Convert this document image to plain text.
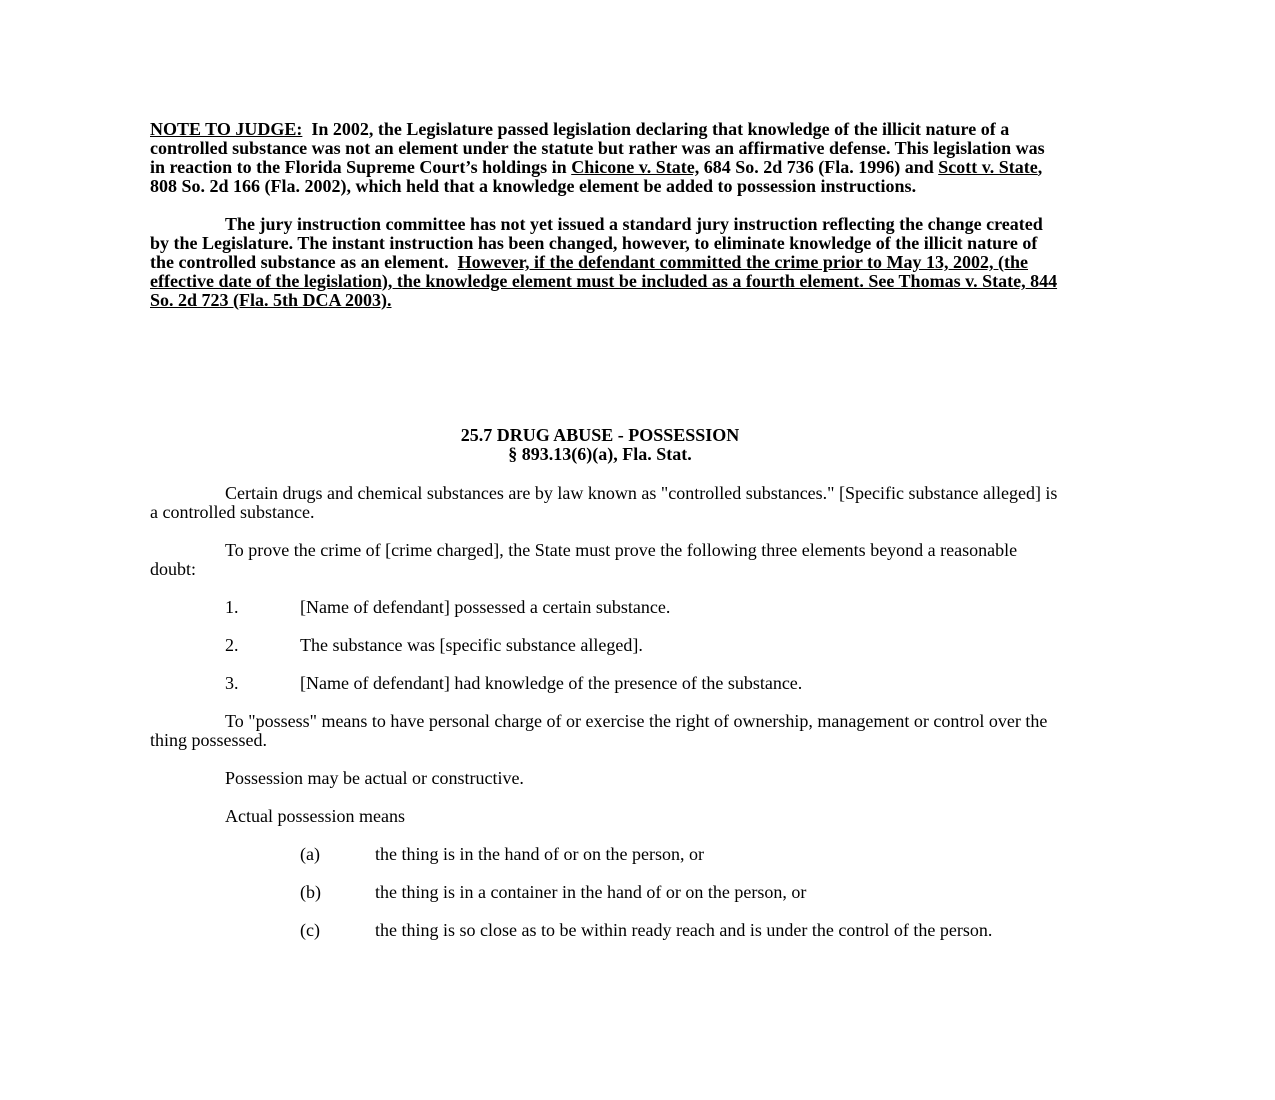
NOTE TO JUDGE: In 2002, the Legislature passed legislation declaring that knowledge of the illicit nature of a controlled substance was not an element under the statute but rather was an affirmative defense. This legislation was in reaction to the Florida Supreme Court’s holdings in Chicone v. State, 684 So. 2d 736 (Fla. 1996) and Scott v. State, 808 So. 2d 166 (Fla. 2002), which held that a knowledge element be added to possession instructions.

The jury instruction committee has not yet issued a standard jury instruction reflecting the change created by the Legislature. The instant instruction has been changed, however, to eliminate knowledge of the illicit nature of the controlled substance as an element. However, if the defendant committed the crime prior to May 13, 2002, (the effective date of the legislation), the knowledge element must be included as a fourth element. See Thomas v. State, 844 So. 2d 723 (Fla. 5th DCA 2003).

25.7 DRUG ABUSE - POSSESSION
§ 893.13(6)(a), Fla. Stat.

Certain drugs and chemical substances are by law known as "controlled substances." [Specific substance alleged] is a controlled substance.

To prove the crime of [crime charged], the State must prove the following three elements beyond a reasonable doubt:

1.	[Name of defendant] possessed a certain substance.
2.	The substance was [specific substance alleged].
3.	[Name of defendant] had knowledge of the presence of the substance.

To "possess" means to have personal charge of or exercise the right of ownership, management or control over the thing possessed.

Possession may be actual or constructive.

Actual possession means

(a)	the thing is in the hand of or on the person, or
(b)	the thing is in a container in the hand of or on the person, or
(c)	the thing is so close as to be within ready reach and is under the control of the person.
